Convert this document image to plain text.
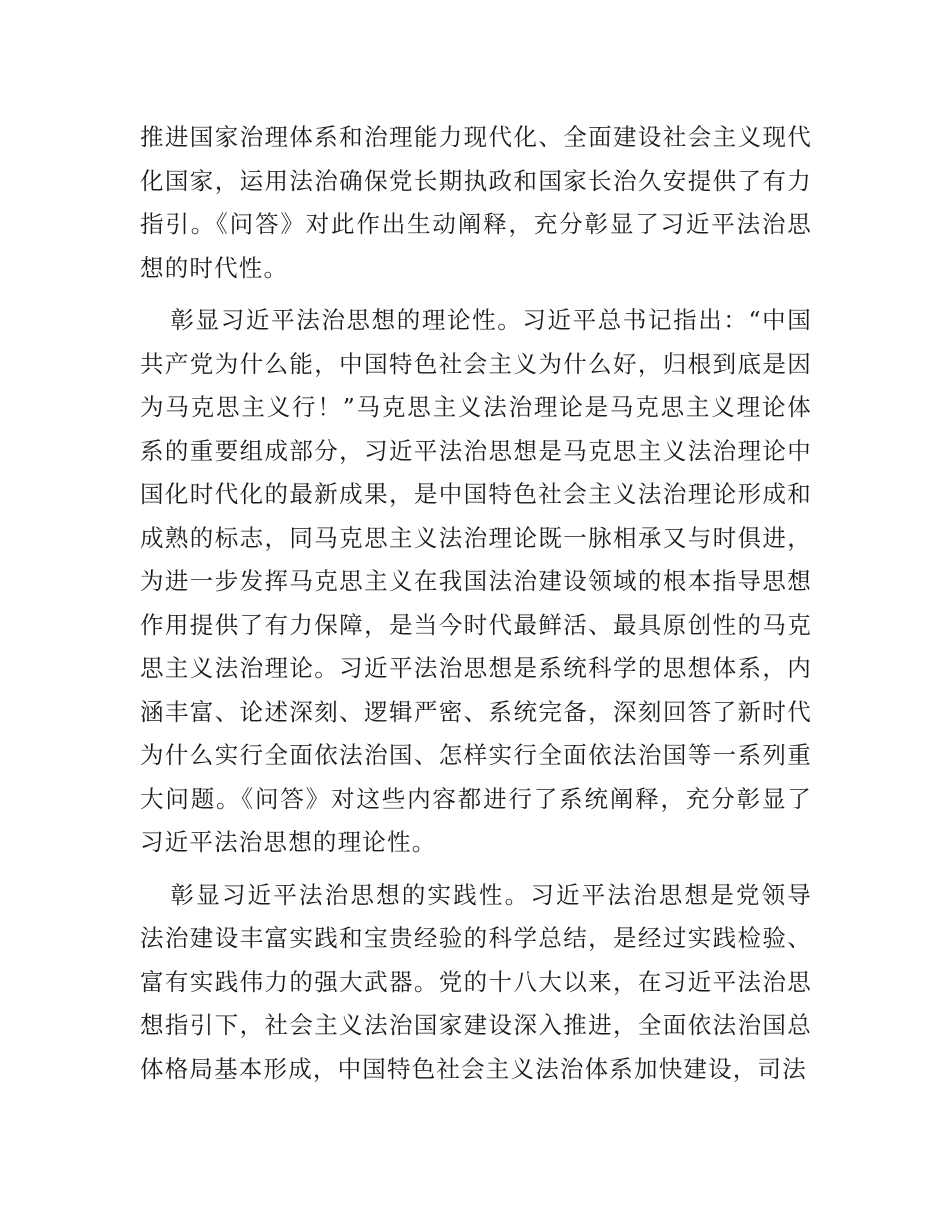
推进国家治理体系和治理能力现代化、全面建设社会主义现代化国家，运用法治确保党长期执政和国家长治久安提供了有力指引。《问答》对此作出生动阐释，充分彰显了习近平法治思想的时代性。

彰显习近平法治思想的理论性。习近平总书记指出：“中国共产党为什么能，中国特色社会主义为什么好，归根到底是因为马克思主义行！”马克思主义法治理论是马克思主义理论体系的重要组成部分，习近平法治思想是马克思主义法治理论中国化时代化的最新成果，是中国特色社会主义法治理论形成和成熟的标志，同马克思主义法治理论既一脉相承又与时俱进，为进一步发挥马克思主义在我国法治建设领域的根本指导思想作用提供了有力保障，是当今时代最鲜活、最具原创性的马克思主义法治理论。习近平法治思想是系统科学的思想体系，内涵丰富、论述深刻、逻辑严密、系统完备，深刻回答了新时代为什么实行全面依法治国、怎样实行全面依法治国等一系列重大问题。《问答》对这些内容都进行了系统阐释，充分彰显了习近平法治思想的理论性。

彰显习近平法治思想的实践性。习近平法治思想是党领导法治建设丰富实践和宝贵经验的科学总结，是经过实践检验、富有实践伟力的强大武器。党的十八大以来，在习近平法治思想指引下，社会主义法治国家建设深入推进，全面依法治国总体格局基本形成，中国特色社会主义法治体系加快建设，司法
